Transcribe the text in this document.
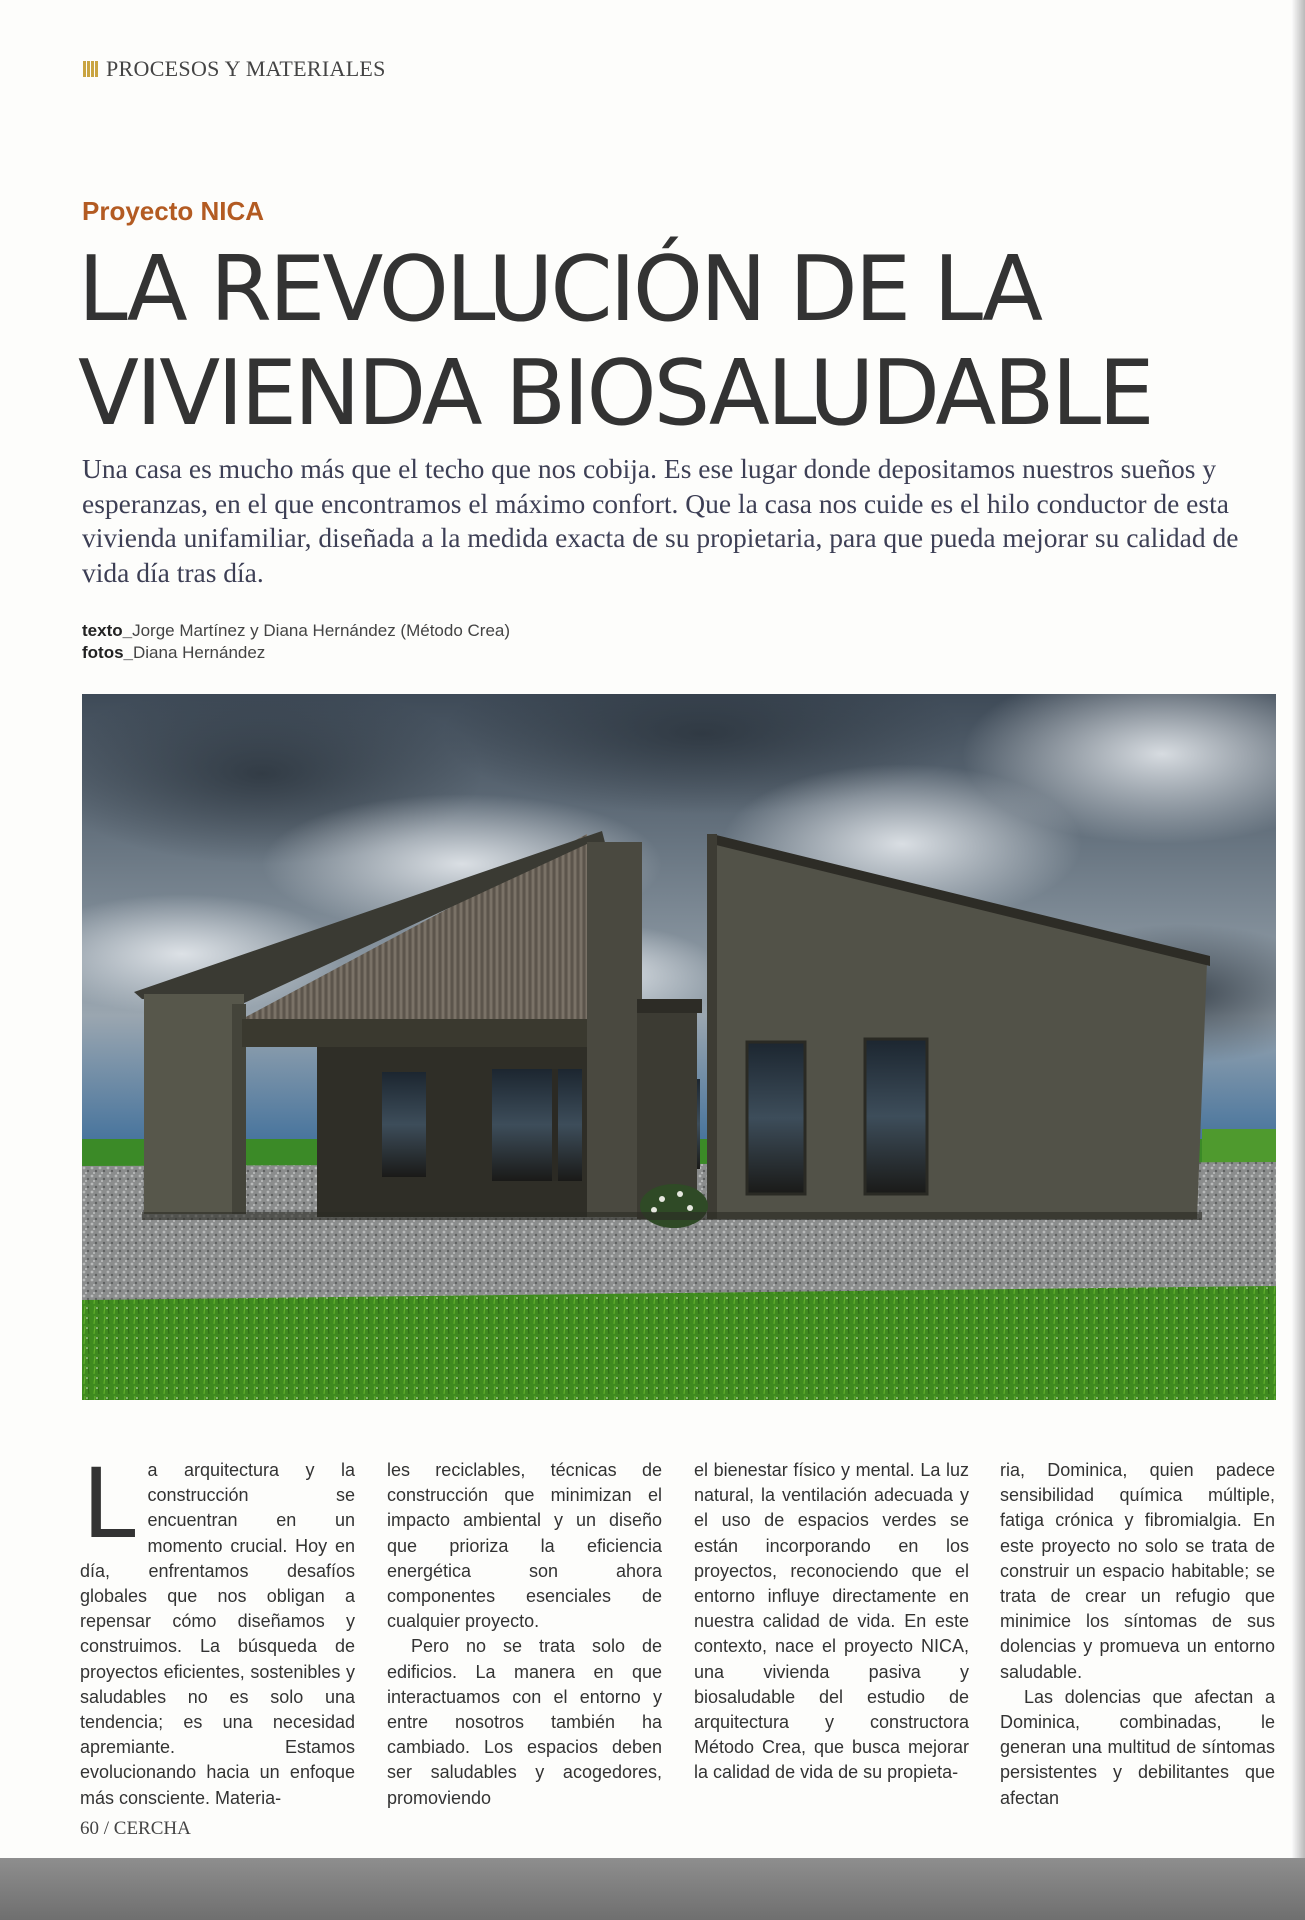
PROCESOS Y MATERIALES
Proyecto NICA
LA REVOLUCIÓN DE LA
VIVIENDA BIOSALUDABLE
Una casa es mucho más que el techo que nos cobija. Es ese lugar donde depositamos nuestros sueños y esperanzas, en el que encontramos el máximo confort. Que la casa nos cuide es el hilo conductor de esta vivienda unifamiliar, diseñada a la medida exacta de su propietaria, para que pueda mejorar su calidad de vida día tras día.
texto_Jorge Martínez y Diana Hernández (Método Crea)
fotos_Diana Hernández
L a arquitectura y la construcción se encuentran en un momento crucial. Hoy en día, enfrentamos desafíos globales que nos obligan a repensar cómo diseñamos y construimos. La búsqueda de proyectos eficientes, sostenibles y saludables no es solo una tendencia; es una necesidad apremiante. Estamos evolucionando hacia un enfoque más consciente. Materia-

les reciclables, técnicas de construcción que minimizan el impacto ambiental y un diseño que prioriza la eficiencia energética son ahora componentes esenciales de cualquier proyecto.

Pero no se trata solo de edificios. La manera en que interactuamos con el entorno y entre nosotros también ha cambiado. Los espacios deben ser saludables y acogedores, promoviendo

el bienestar físico y mental. La luz natural, la ventilación adecuada y el uso de espacios verdes se están incorporando en los proyectos, reconociendo que el entorno influye directamente en nuestra calidad de vida. En este contexto, nace el proyecto NICA, una vivienda pasiva y biosaludable del estudio de arquitectura y constructora Método Crea, que busca mejorar la calidad de vida de su propieta-

ria, Dominica, quien padece sensibilidad química múltiple, fatiga crónica y fibromialgia. En este proyecto no solo se trata de construir un espacio habitable; se trata de crear un refugio que minimice los síntomas de sus dolencias y promueva un entorno saludable.

Las dolencias que afectan a Dominica, combinadas, le generan una multitud de síntomas persistentes y debilitantes que afectan

60 / CERCHA
